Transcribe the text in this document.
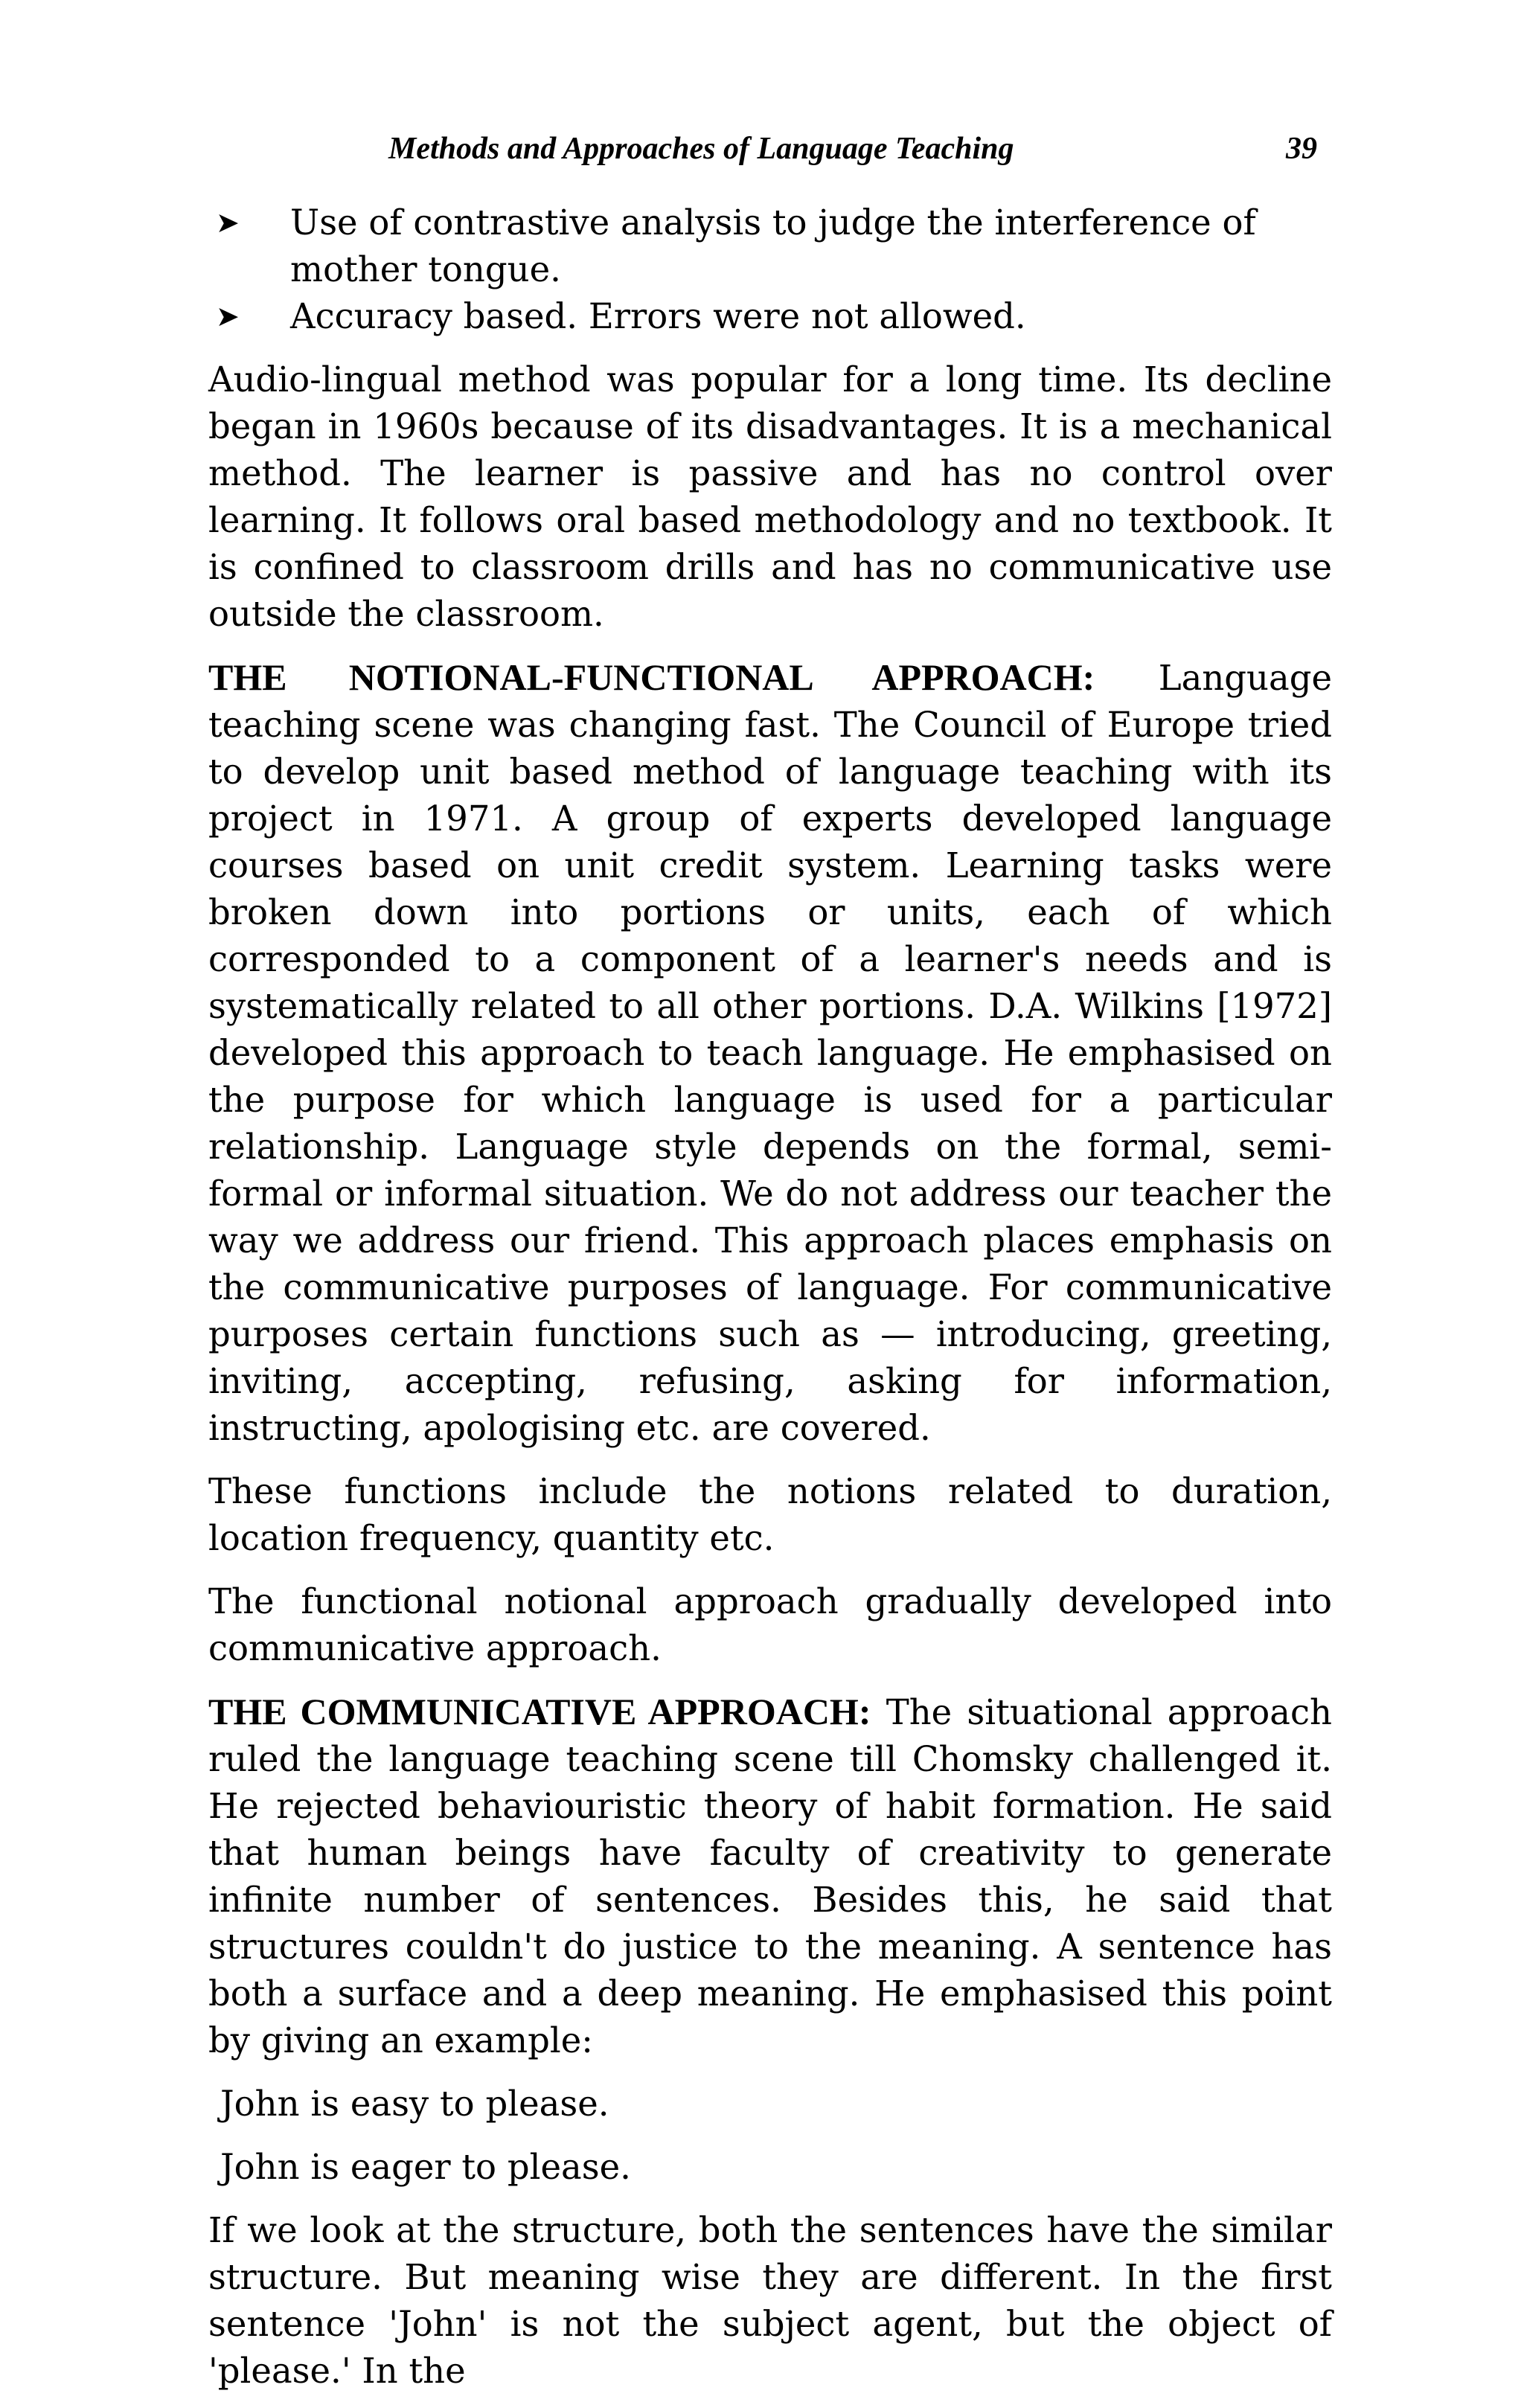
Methods and Approaches of Language Teaching	39
➤ Use of contrastive analysis to judge the interference of mother tongue.
➤ Accuracy based. Errors were not allowed.

Audio-lingual method was popular for a long time. Its decline began in 1960s because of its disadvantages. It is a mechanical method. The learner is passive and has no control over learning. It follows oral based methodology and no textbook. It is confined to classroom drills and has no communicative use outside the classroom.

THE NOTIONAL-FUNCTIONAL APPROACH: Language teaching scene was changing fast. The Council of Europe tried to develop unit based method of language teaching with its project in 1971. A group of experts developed language courses based on unit credit system. Learning tasks were broken down into portions or units, each of which corresponded to a component of a learner's needs and is systematically related to all other portions. D.A. Wilkins [1972] developed this approach to teach language. He emphasised on the purpose for which language is used for a particular relationship. Language style depends on the formal, semi-formal or informal situation. We do not address our teacher the way we address our friend. This approach places emphasis on the communicative purposes of language. For communicative purposes certain functions such as — introducing, greeting, inviting, accepting, refusing, asking for information, instructing, apologising etc. are covered.

These functions include the notions related to duration, location frequency, quantity etc.

The functional notional approach gradually developed into communicative approach.

THE COMMUNICATIVE APPROACH: The situational approach ruled the language teaching scene till Chomsky challenged it. He rejected behaviouristic theory of habit formation. He said that human beings have faculty of creativity to generate infinite number of sentences. Besides this, he said that structures couldn't do justice to the meaning. A sentence has both a surface and a deep meaning. He emphasised this point by giving an example:

John is easy to please.

John is eager to please.

If we look at the structure, both the sentences have the similar structure. But meaning wise they are different. In the first sentence 'John' is not the subject agent, but the object of 'please.' In the
